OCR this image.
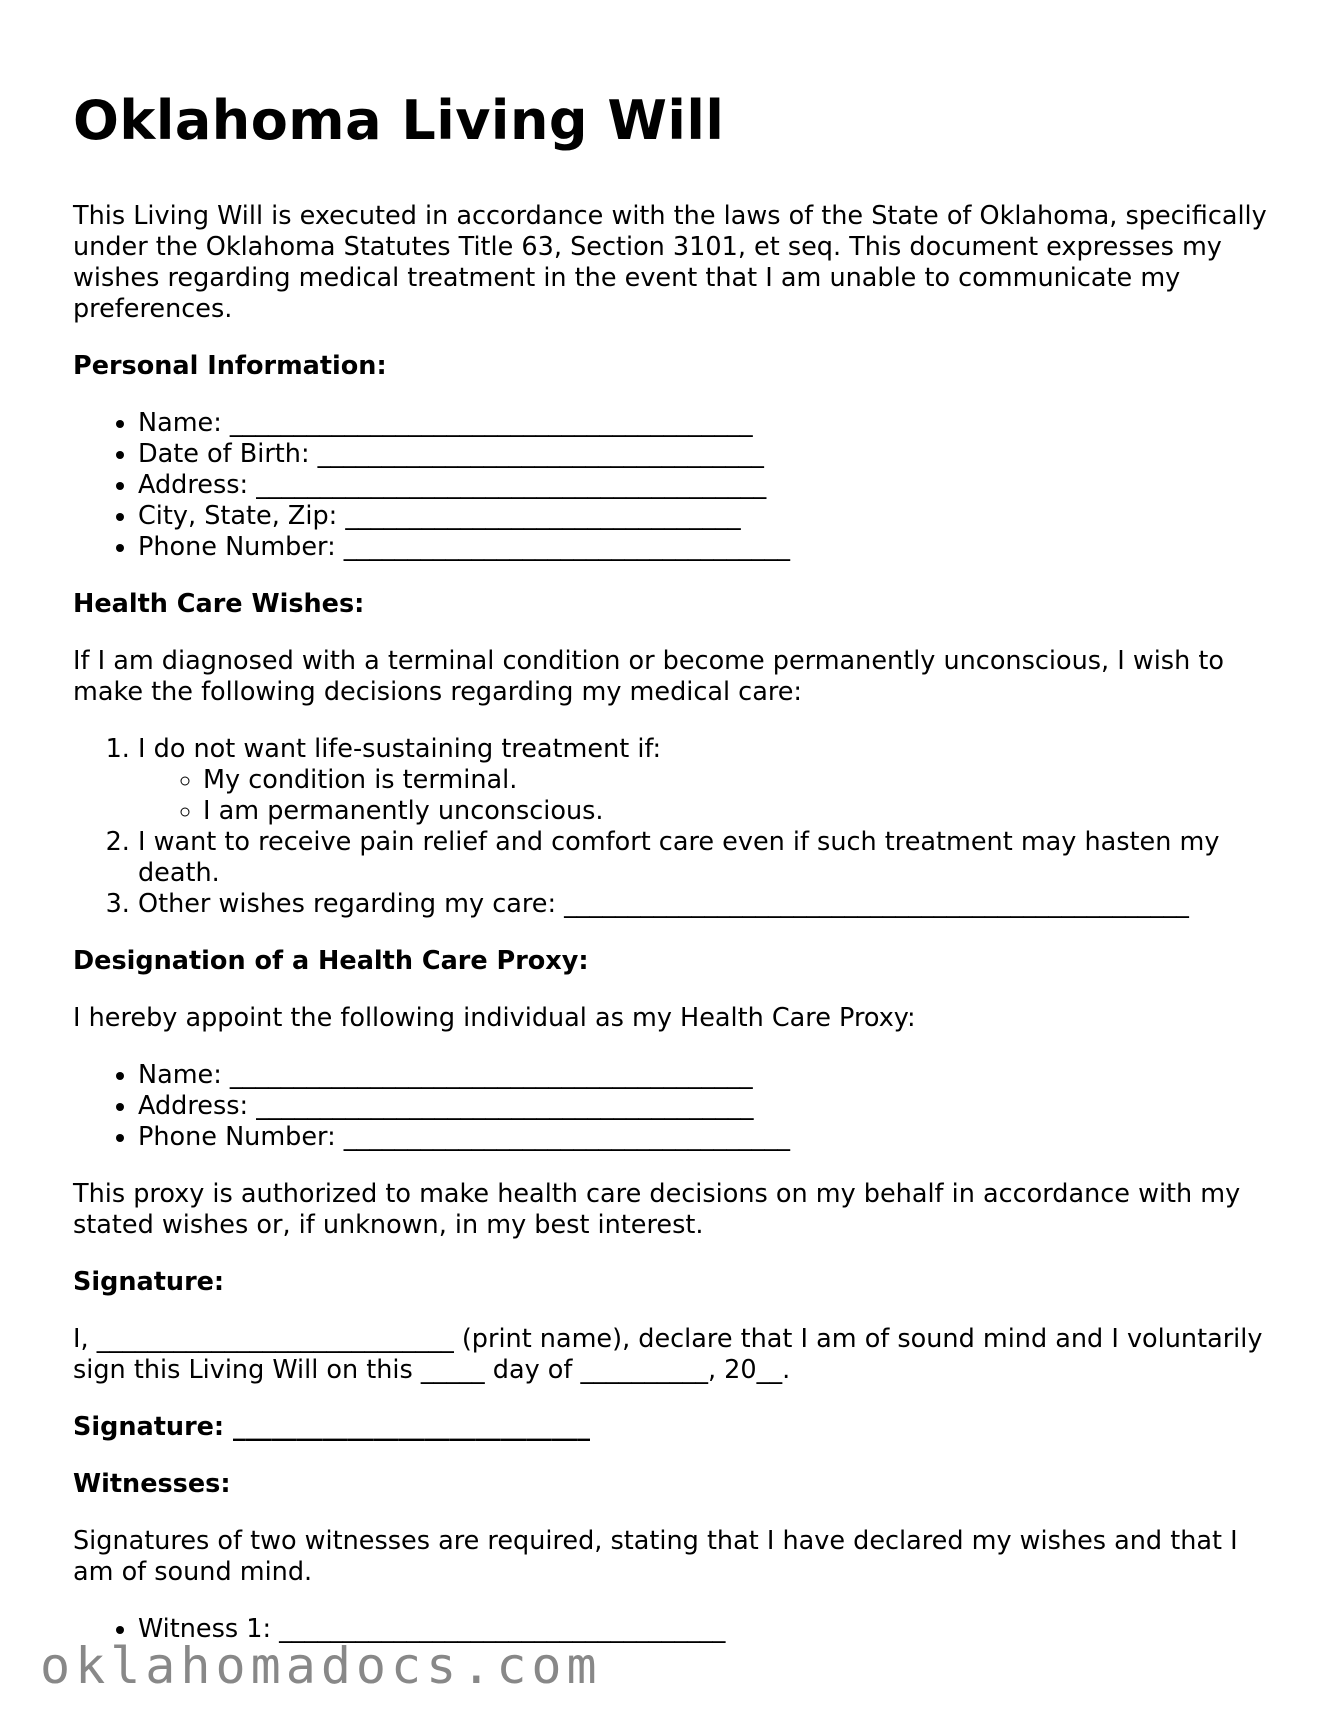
Oklahoma Living Will

This Living Will is executed in accordance with the laws of the State of Oklahoma, specifically under the Oklahoma Statutes Title 63, Section 3101, et seq. This document expresses my wishes regarding medical treatment in the event that I am unable to communicate my preferences.

Personal Information:
• Name: _________________________________________
• Date of Birth: ___________________________________
• Address: ________________________________________
• City, State, Zip: _______________________________
• Phone Number: ___________________________________
Health Care Wishes:

If I am diagnosed with a terminal condition or become permanently unconscious, I wish to make the following decisions regarding my medical care:

1. I do not want life-sustaining treatment if:
◦ My condition is terminal.
◦ I am permanently unconscious.
2. I want to receive pain relief and comfort care even if such treatment may hasten my death.
3. Other wishes regarding my care: _________________________________________________
Designation of a Health Care Proxy:

I hereby appoint the following individual as my Health Care Proxy:

• Name: _________________________________________
• Address: _______________________________________
• Phone Number: ___________________________________

This proxy is authorized to make health care decisions on my behalf in accordance with my stated wishes or, if unknown, in my best interest.

Signature:

I, ____________________________ (print name), declare that I am of sound mind and I voluntarily sign this Living Will on this _____ day of __________, 20__.

Signature: ____________________________
Witnesses:

Signatures of two witnesses are required, stating that I have declared my wishes and that I am of sound mind.

• Witness 1: ___________________________________
oklahomadocs.com
